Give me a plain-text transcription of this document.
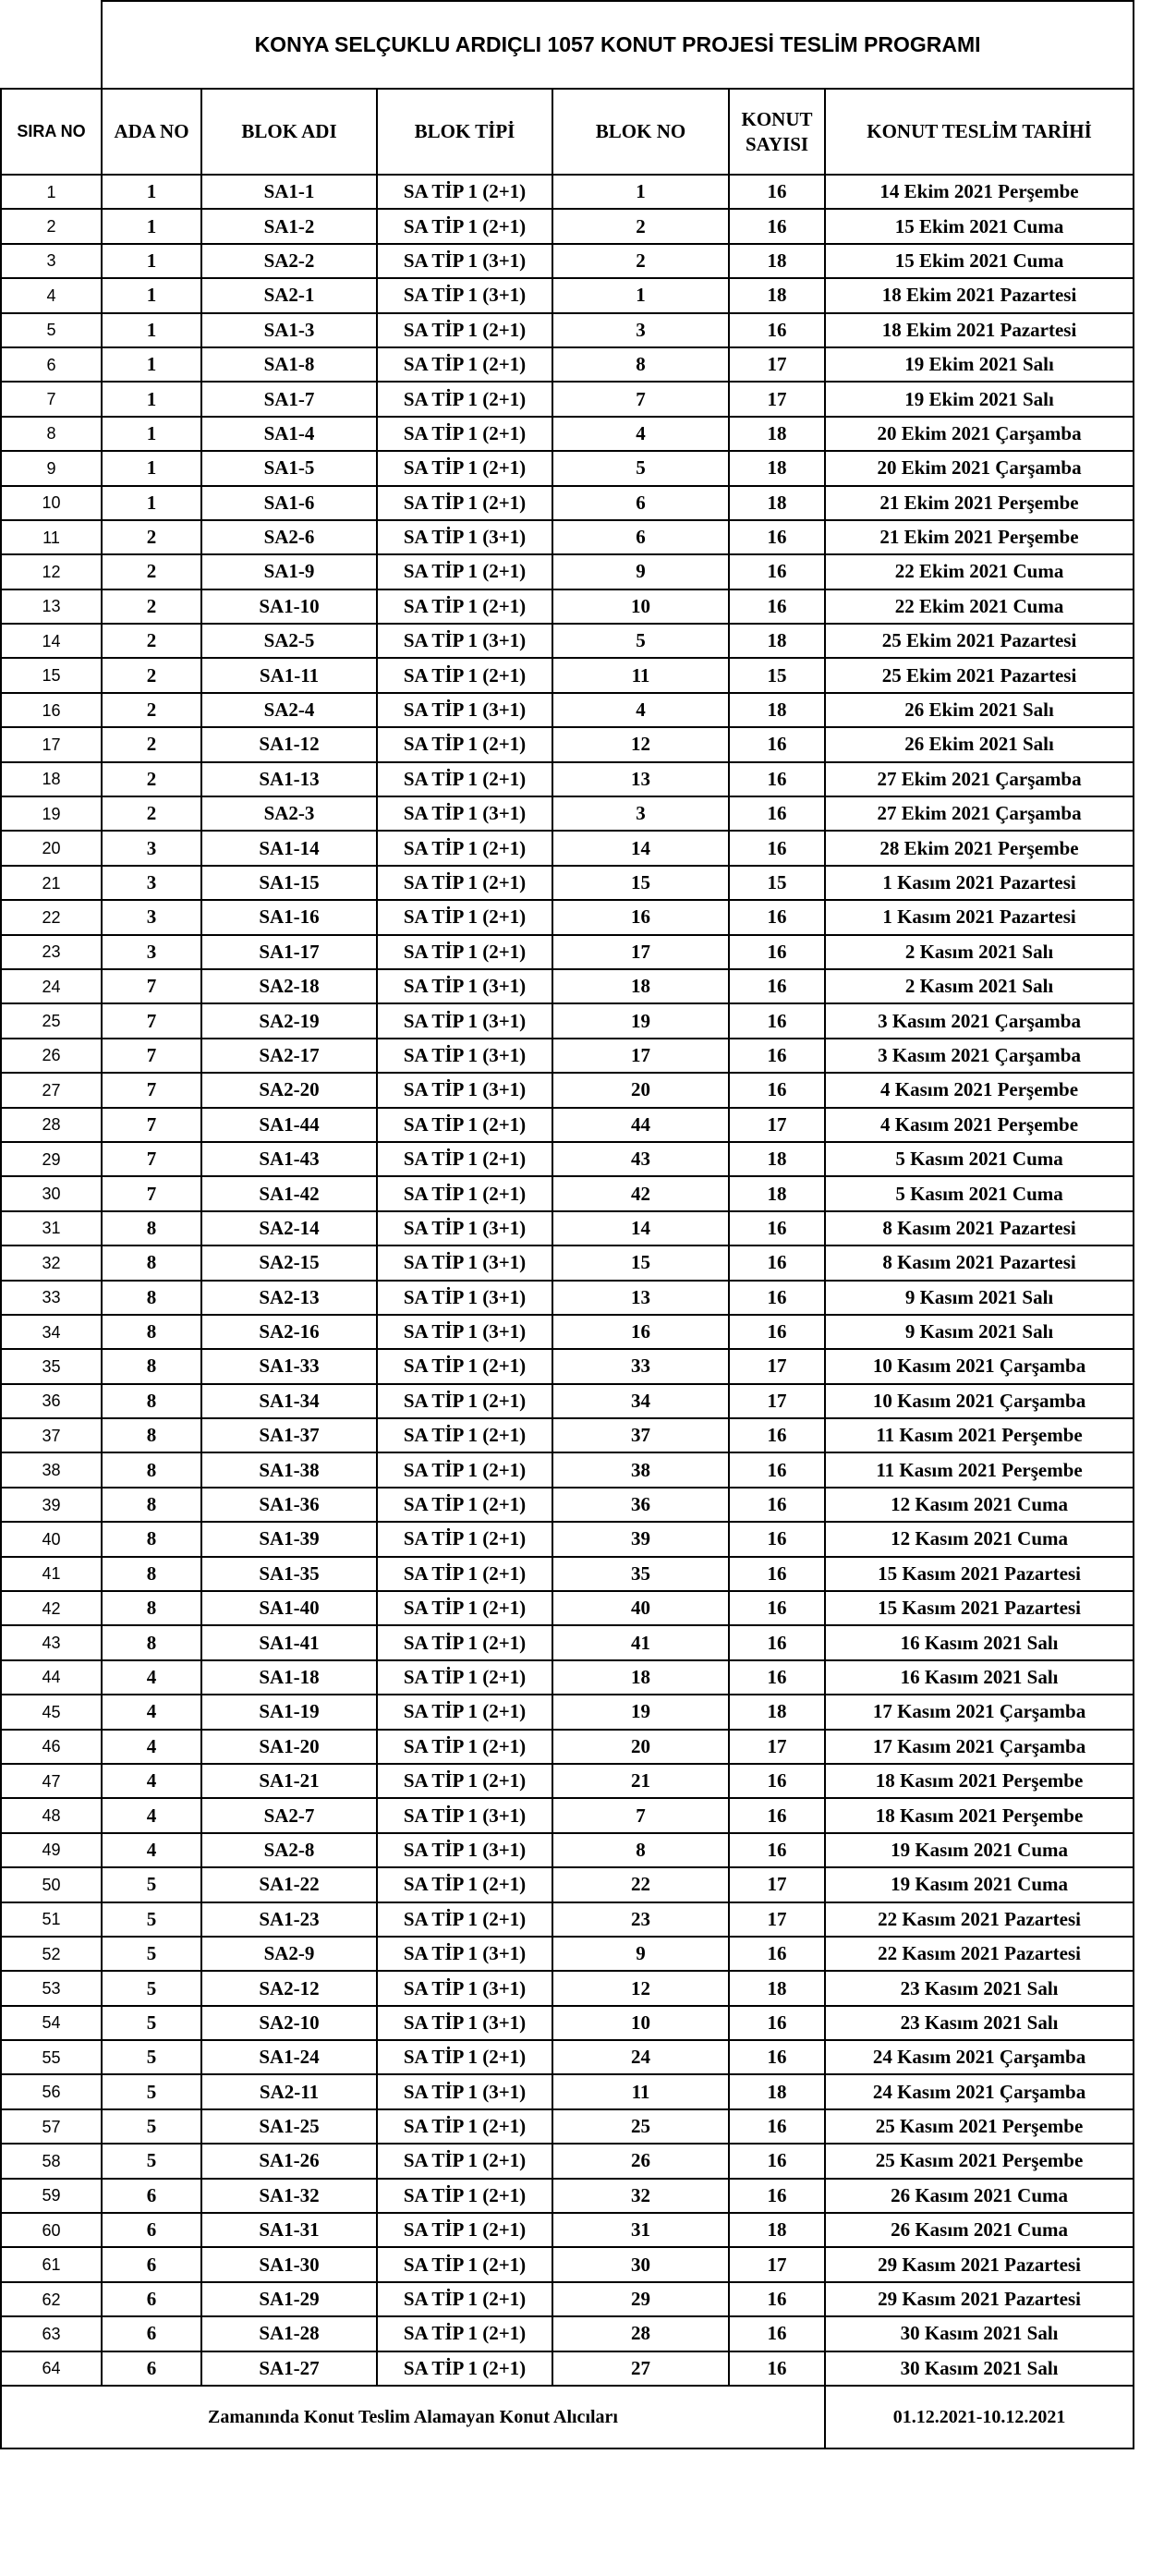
	KONYA SELÇUKLU ARDIÇLI 1057 KONUT PROJESİ TESLİM PROGRAMI					
SIRA NO	ADA NO	BLOK ADI	BLOK TİPİ	BLOK NO	KONUT
SAYISI	KONUT TESLİM TARİHİ
1	1	SA1-1	SA TİP 1 (2+1)	1	16	14 Ekim 2021 Perşembe
2	1	SA1-2	SA TİP 1 (2+1)	2	16	15 Ekim 2021 Cuma
3	1	SA2-2	SA TİP 1 (3+1)	2	18	15 Ekim 2021 Cuma
4	1	SA2-1	SA TİP 1 (3+1)	1	18	18 Ekim 2021 Pazartesi
5	1	SA1-3	SA TİP 1 (2+1)	3	16	18 Ekim 2021 Pazartesi
6	1	SA1-8	SA TİP 1 (2+1)	8	17	19 Ekim 2021 Salı
7	1	SA1-7	SA TİP 1 (2+1)	7	17	19 Ekim 2021 Salı
8	1	SA1-4	SA TİP 1 (2+1)	4	18	20 Ekim 2021 Çarşamba
9	1	SA1-5	SA TİP 1 (2+1)	5	18	20 Ekim 2021 Çarşamba
10	1	SA1-6	SA TİP 1 (2+1)	6	18	21 Ekim 2021 Perşembe
11	2	SA2-6	SA TİP 1 (3+1)	6	16	21 Ekim 2021 Perşembe
12	2	SA1-9	SA TİP 1 (2+1)	9	16	22 Ekim 2021 Cuma
13	2	SA1-10	SA TİP 1 (2+1)	10	16	22 Ekim 2021 Cuma
14	2	SA2-5	SA TİP 1 (3+1)	5	18	25 Ekim 2021 Pazartesi
15	2	SA1-11	SA TİP 1 (2+1)	11	15	25 Ekim 2021 Pazartesi
16	2	SA2-4	SA TİP 1 (3+1)	4	18	26 Ekim 2021 Salı
17	2	SA1-12	SA TİP 1 (2+1)	12	16	26 Ekim 2021 Salı
18	2	SA1-13	SA TİP 1 (2+1)	13	16	27 Ekim 2021 Çarşamba
19	2	SA2-3	SA TİP 1 (3+1)	3	16	27 Ekim 2021 Çarşamba
20	3	SA1-14	SA TİP 1 (2+1)	14	16	28 Ekim 2021 Perşembe
21	3	SA1-15	SA TİP 1 (2+1)	15	15	1 Kasım 2021 Pazartesi
22	3	SA1-16	SA TİP 1 (2+1)	16	16	1 Kasım 2021 Pazartesi
23	3	SA1-17	SA TİP 1 (2+1)	17	16	2 Kasım 2021 Salı
24	7	SA2-18	SA TİP 1 (3+1)	18	16	2 Kasım 2021 Salı
25	7	SA2-19	SA TİP 1 (3+1)	19	16	3 Kasım 2021 Çarşamba
26	7	SA2-17	SA TİP 1 (3+1)	17	16	3 Kasım 2021 Çarşamba
27	7	SA2-20	SA TİP 1 (3+1)	20	16	4 Kasım 2021 Perşembe
28	7	SA1-44	SA TİP 1 (2+1)	44	17	4 Kasım 2021 Perşembe
29	7	SA1-43	SA TİP 1 (2+1)	43	18	5 Kasım 2021 Cuma
30	7	SA1-42	SA TİP 1 (2+1)	42	18	5 Kasım 2021 Cuma
31	8	SA2-14	SA TİP 1 (3+1)	14	16	8 Kasım 2021 Pazartesi
32	8	SA2-15	SA TİP 1 (3+1)	15	16	8 Kasım 2021 Pazartesi
33	8	SA2-13	SA TİP 1 (3+1)	13	16	9 Kasım 2021 Salı
34	8	SA2-16	SA TİP 1 (3+1)	16	16	9 Kasım 2021 Salı
35	8	SA1-33	SA TİP 1 (2+1)	33	17	10 Kasım 2021 Çarşamba
36	8	SA1-34	SA TİP 1 (2+1)	34	17	10 Kasım 2021 Çarşamba
37	8	SA1-37	SA TİP 1 (2+1)	37	16	11 Kasım 2021 Perşembe
38	8	SA1-38	SA TİP 1 (2+1)	38	16	11 Kasım 2021 Perşembe
39	8	SA1-36	SA TİP 1 (2+1)	36	16	12 Kasım 2021 Cuma
40	8	SA1-39	SA TİP 1 (2+1)	39	16	12 Kasım 2021 Cuma
41	8	SA1-35	SA TİP 1 (2+1)	35	16	15 Kasım 2021 Pazartesi
42	8	SA1-40	SA TİP 1 (2+1)	40	16	15 Kasım 2021 Pazartesi
43	8	SA1-41	SA TİP 1 (2+1)	41	16	16 Kasım 2021 Salı
44	4	SA1-18	SA TİP 1 (2+1)	18	16	16 Kasım 2021 Salı
45	4	SA1-19	SA TİP 1 (2+1)	19	18	17 Kasım 2021 Çarşamba
46	4	SA1-20	SA TİP 1 (2+1)	20	17	17 Kasım 2021 Çarşamba
47	4	SA1-21	SA TİP 1 (2+1)	21	16	18 Kasım 2021 Perşembe
48	4	SA2-7	SA TİP 1 (3+1)	7	16	18 Kasım 2021 Perşembe
49	4	SA2-8	SA TİP 1 (3+1)	8	16	19 Kasım 2021 Cuma
50	5	SA1-22	SA TİP 1 (2+1)	22	17	19 Kasım 2021 Cuma
51	5	SA1-23	SA TİP 1 (2+1)	23	17	22 Kasım 2021 Pazartesi
52	5	SA2-9	SA TİP 1 (3+1)	9	16	22 Kasım 2021 Pazartesi
53	5	SA2-12	SA TİP 1 (3+1)	12	18	23 Kasım 2021 Salı
54	5	SA2-10	SA TİP 1 (3+1)	10	16	23 Kasım 2021 Salı
55	5	SA1-24	SA TİP 1 (2+1)	24	16	24 Kasım 2021 Çarşamba
56	5	SA2-11	SA TİP 1 (3+1)	11	18	24 Kasım 2021 Çarşamba
57	5	SA1-25	SA TİP 1 (2+1)	25	16	25 Kasım 2021 Perşembe
58	5	SA1-26	SA TİP 1 (2+1)	26	16	25 Kasım 2021 Perşembe
59	6	SA1-32	SA TİP 1 (2+1)	32	16	26 Kasım 2021 Cuma
60	6	SA1-31	SA TİP 1 (2+1)	31	18	26 Kasım 2021 Cuma
61	6	SA1-30	SA TİP 1 (2+1)	30	17	29 Kasım 2021 Pazartesi
62	6	SA1-29	SA TİP 1 (2+1)	29	16	29 Kasım 2021 Pazartesi
63	6	SA1-28	SA TİP 1 (2+1)	28	16	30 Kasım 2021 Salı
64	6	SA1-27	SA TİP 1 (2+1)	27	16	30 Kasım 2021 Salı
Zamanında Konut Teslim Alamayan Konut Alıcıları						01.12.2021-10.12.2021
